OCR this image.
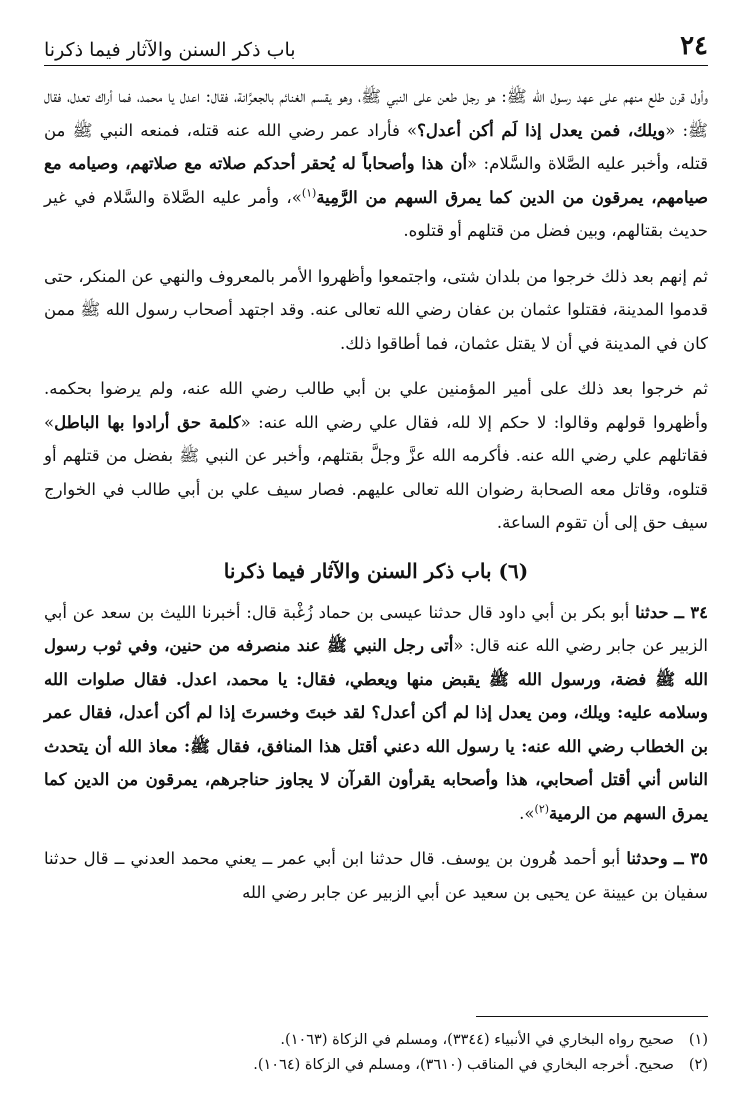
٢٤
باب ذكر السنن والآثار فيما ذكرنا

وأول قرن طلع منهم على عهد رسول الله ﷺ: هو رجل طعن على النبي ﷺ، وهو يقسم الغنائم بالجعرَّانة، فقال: اعدل يا محمد، فما أراك تعدل، فقال ﷺ: «ويلك، فمن يعدل إذا لَم أكن أعدل؟» فأراد عمر رضي الله عنه قتله، فمنعه النبي ﷺ من قتله، وأخبر عليه الصَّلاة والسَّلام: «أن هذا وأصحاباً له يُحقر أحدكم صلاته مع صلاتهم، وصيامه مع صيامهم، يمرقون من الدين كما يمرق السهم من الرَّمِية$^{(١)}$»، وأمر عليه الصَّلاة والسَّلام في غير حديث بقتالهم، وبين فضل من قتلهم أو قتلوه.

ثم إنهم بعد ذلك خرجوا من بلدان شتى، واجتمعوا وأظهروا الأمر بالمعروف والنهي عن المنكر، حتى قدموا المدينة، فقتلوا عثمان بن عفان رضي الله تعالى عنه. وقد اجتهد أصحاب رسول الله ﷺ ممن كان في المدينة في أن لا يقتل عثمان، فما أطاقوا ذلك.

ثم خرجوا بعد ذلك على أمير المؤمنين علي بن أبي طالب رضي الله عنه، ولم يرضوا بحكمه. وأظهروا قولهم وقالوا: لا حكم إلا لله، فقال علي رضي الله عنه: «كلمة حق أرادوا بها الباطل» فقاتلهم علي رضي الله عنه. فأكرمه الله عزَّ وجلَّ بقتلهم، وأخبر عن النبي ﷺ بفضل من قتلهم أو قتلوه، وقاتل معه الصحابة رضوان الله تعالى عليهم. فصار سيف علي بن أبي طالب في الخوارج سيف حق إلى أن تقوم الساعة.

(٦) باب ذكر السنن والآثار فيما ذكرنا

٣٤ ــ حدثنا أبو بكر بن أبي داود قال حدثنا عيسى بن حماد زُغْبة قال: أخبرنا الليث بن سعد عن أبي الزبير عن جابر رضي الله عنه قال: «أتى رجل النبي ﷺ عند منصرفه من حنين، وفي ثوب رسول الله ﷺ فضة، ورسول الله ﷺ يقبض منها ويعطي، فقال: يا محمد، اعدل. فقال صلوات الله وسلامه عليه: ويلك، ومن يعدل إذا لم أكن أعدل؟ لقد خبتَ وخسرتَ إذا لم أكن أعدل، فقال عمر بن الخطاب رضي الله عنه: يا رسول الله دعني أقتل هذا المنافق، فقال ﷺ: معاذ الله أن يتحدث الناس أني أقتل أصحابي، هذا وأصحابه يقرأون القرآن لا يجاوز حناجرهم، يمرقون من الدين كما يمرق السهم من الرمية$^{(٢)}$».

٣٥ ــ وحدثنا أبو أحمد هُرون بن يوسف. قال حدثنا ابن أبي عمر ــ يعني محمد العدني ــ قال حدثنا سفيان بن عيينة عن يحيى بن سعيد عن أبي الزبير عن جابر رضي الله

(١)
صحيح رواه البخاري في الأنبياء (٣٣٤٤)، ومسلم في الزكاة (١٠٦٣).
(٢)
صحيح. أخرجه البخاري في المناقب (٣٦١٠)، ومسلم في الزكاة (١٠٦٤).
